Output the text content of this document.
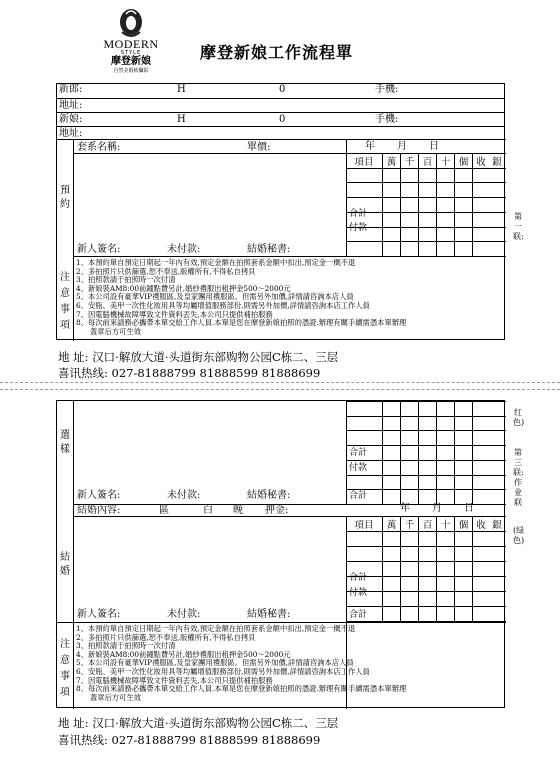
MODERN
STYLE
摩登新娘
自然美婚紗攝影
摩登新娘工作流程單
新郎:	H	0	手機:
地址:
新娘:	H	0	手機:
地址:
預約
套系名稱:	單價:	年 月 日
項目	萬 千 百 十 個 收 銀
合計
付款
新人簽名:	未付款:	結婚秘書:
注意事項
1、本預約單自預定日期起一年內有效,預定金額在拍照套系金額中扣出,預定金一概不退
2、多拍照片只供篩選,恕不奉送,版權所有,不得私自拷貝
3、拍照款請于拍照時一次付清
4、新娘裝AM8:00前鐘點費另計,婚紗禮服出租押金500～2000元
5、本公司設有豪華VIP禮服區,及皇家團用禮服區。但需另外加價,詳情請咨詢本店人員
6、安瓶、美甲一次性化妝用具等均屬增值服務部份,則需另外加價,詳情請咨詢本店工作人員
7、因電腦機械故障導致文件資料丟失,本公司只提供補拍服務
8、每次前來請務必攜帶本單交給工作人員.本單是您在摩登新娘拍照的憑證.辦理有關手續需憑本單辦理
蓋章后方可生效
地 址: 汉口·解放大道·头道街东部购物公园C栋二、三层
喜讯热线: 027-81888799 81888599 81888699
第一联:
選樣	合計
付款
新人簽名:	未付款:	結婚秘書:	合計
結婚內容:	區	白 晚 押金:	年 月 日
結婚
項目	萬 千 百 十 個 收 銀
合計
付款
新人簽名:	未付款:	結婚秘書:	合計
注意事項
1、本預約單自預定日期起一年內有效,預定金額在拍照套系金額中扣出,預定金一概不退
2、多拍照片只供篩選,恕不奉送,版權所有,不得私自拷貝
3、拍照款請于拍照時一次付清
4、新娘裝AM8:00前鐘點費另計,婚紗禮服出租押金500～2000元
5、本公司設有豪華VIP禮服區,及皇家團用禮服區。但需另外加價,詳情請咨詢本店人員
6、安瓶、美甲一次性化妝用具等均屬增值服務部份,則需另外加價,詳情請咨詢本店工作人員
7、因電腦機械故障導致文件資料丟失,本公司只提供補拍服務
8、每次前來請務必攜帶本單交給工作人員.本單是您在摩登新娘拍照的憑證.辦理有關手續需憑本單辦理
蓋章后方可生效
地 址: 汉口·解放大道·头道街东部购物公园C栋二、三层
喜讯热线: 027-81888799 81888599 81888699
红色)
第三联:作业联
(绿色)
